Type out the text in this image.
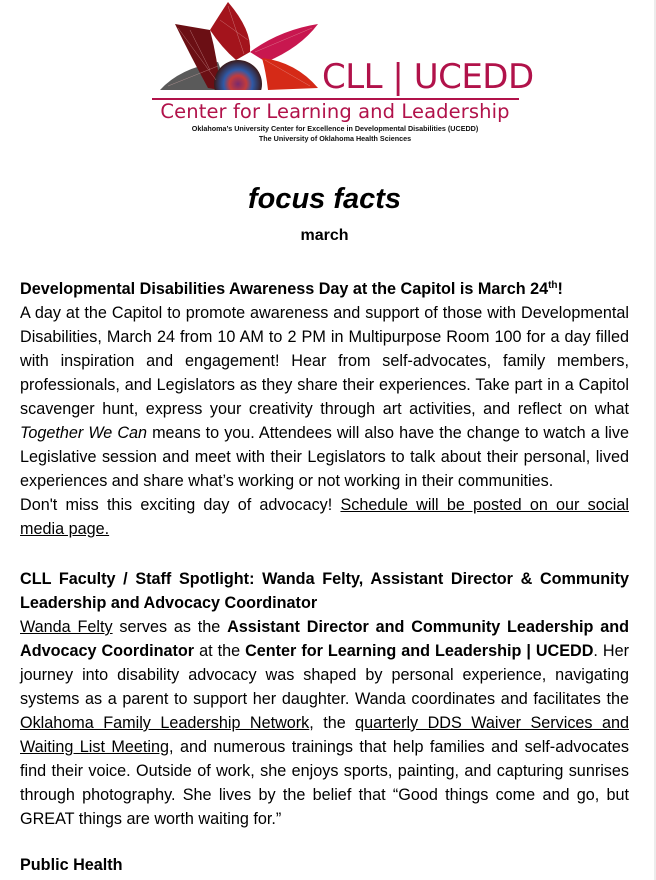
CLL | UCEDD
Center for Learning and Leadership
Oklahoma’s University Center for Excellence in Developmental Disabilities (UCEDD)
The University of Oklahoma Health Sciences
focus facts
march

Developmental Disabilities Awareness Day at the Capitol is March 24th!

A day at the Capitol to promote awareness and support of those with Developmental Disabilities, March 24 from 10 AM to 2 PM in Multipurpose Room 100 for a day filled with inspiration and engagement! Hear from self-advocates, family members, professionals, and Legislators as they share their experiences. Take part in a Capitol scavenger hunt, express your creativity through art activities, and reflect on what Together We Can means to you. Attendees will also have the change to watch a live Legislative session and meet with their Legislators to talk about their personal, lived experiences and share what’s working or not working in their communities.

Don't miss this exciting day of advocacy! Schedule will be posted on our social media page.

CLL Faculty / Staff Spotlight: Wanda Felty, Assistant Director & Community Leadership and Advocacy Coordinator

Wanda Felty serves as the Assistant Director and Community Leadership and Advocacy Coordinator at the Center for Learning and Leadership | UCEDD. Her journey into disability advocacy was shaped by personal experience, navigating systems as a parent to support her daughter. Wanda coordinates and facilitates the Oklahoma Family Leadership Network, the quarterly DDS Waiver Services and Waiting List Meeting, and numerous trainings that help families and self-advocates find their voice. Outside of work, she enjoys sports, painting, and capturing sunrises through photography. She lives by the belief that “Good things come and go, but GREAT things are worth waiting for.”

Public Health
